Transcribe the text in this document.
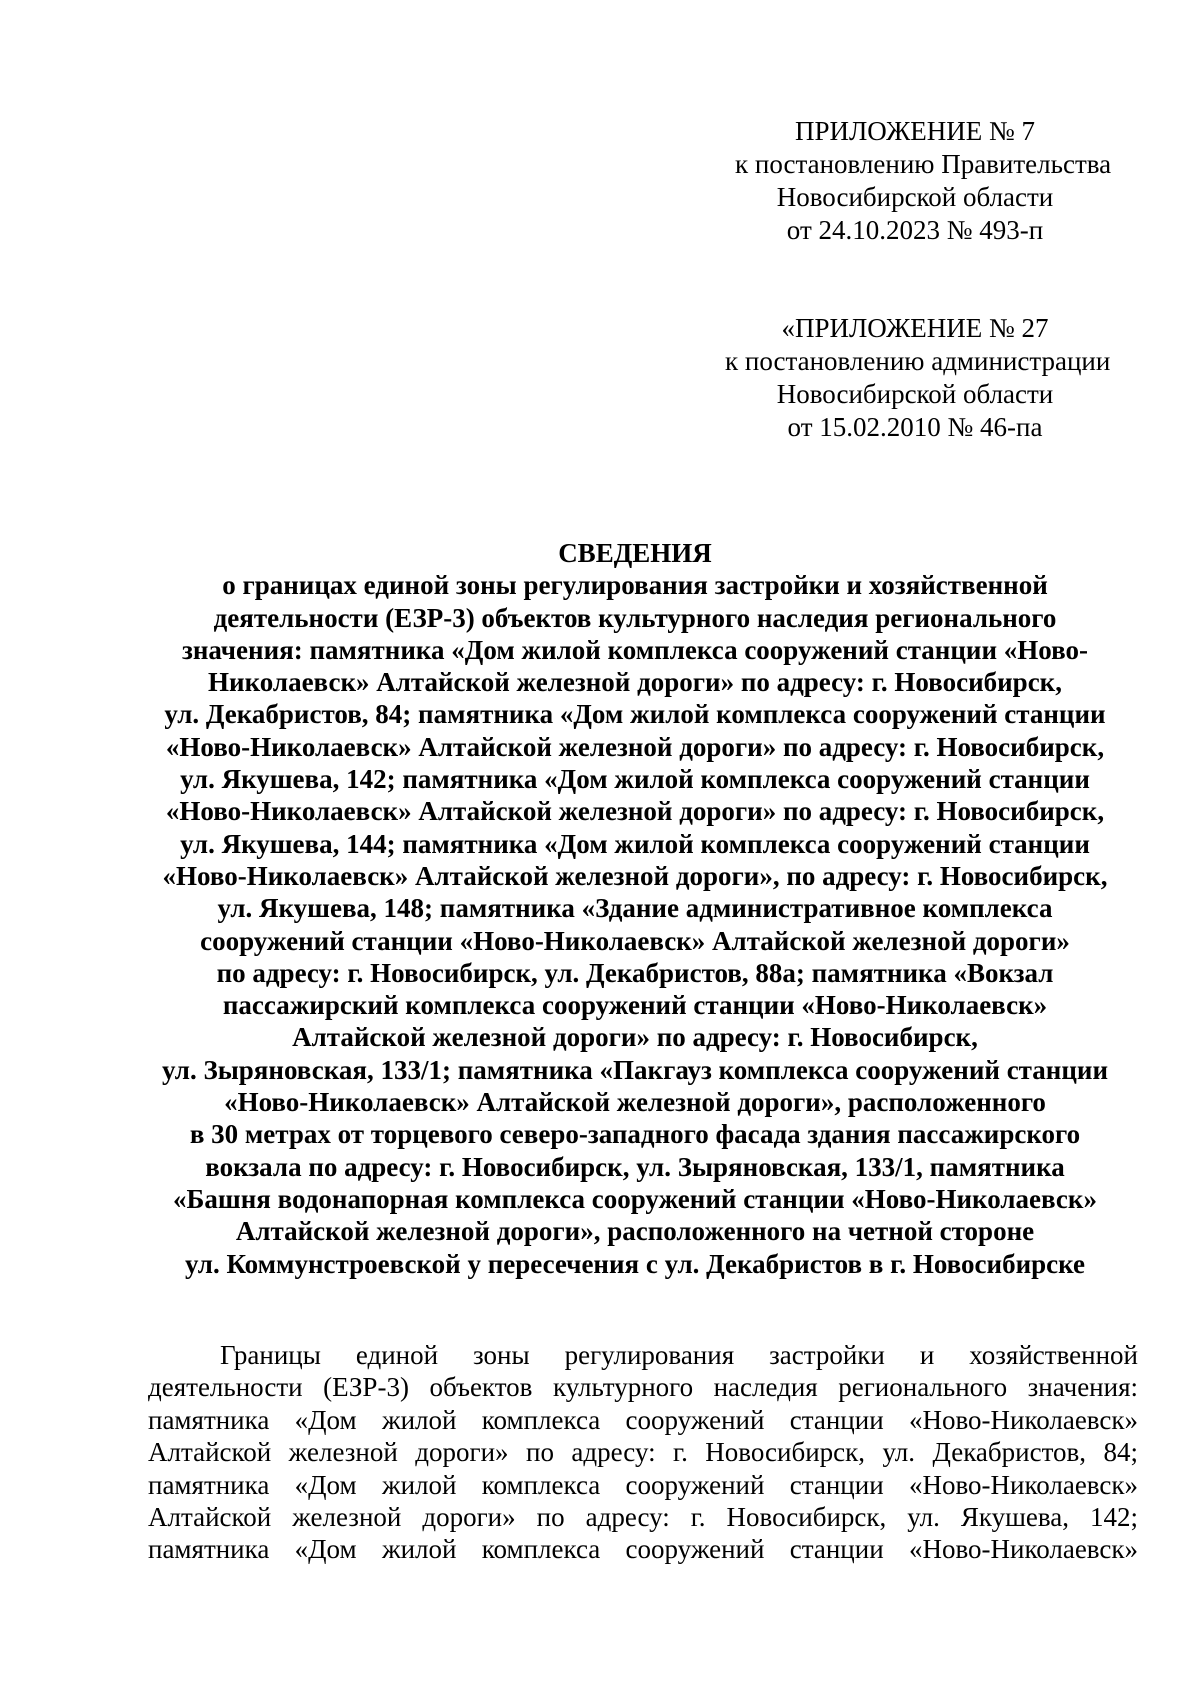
ПРИЛОЖЕНИЕ № 7
к постановлению Правительства
Новосибирской области
от 24.10.2023 № 493-п
«ПРИЛОЖЕНИЕ № 27
к постановлению администрации
Новосибирской области
от 15.02.2010 № 46-па
СВЕДЕНИЯ
о границах единой зоны регулирования застройки и хозяйственной
деятельности (ЕЗР-3) объектов культурного наследия регионального
значения: памятника «Дом жилой комплекса сооружений станции «Ново-
Николаевск» Алтайской железной дороги» по адресу: г. Новосибирск,
ул. Декабристов, 84; памятника «Дом жилой комплекса сооружений станции
«Ново-Николаевск» Алтайской железной дороги» по адресу: г. Новосибирск,
ул. Якушева, 142; памятника «Дом жилой комплекса сооружений станции
«Ново-Николаевск» Алтайской железной дороги» по адресу: г. Новосибирск,
ул. Якушева, 144; памятника «Дом жилой комплекса сооружений станции
«Ново-Николаевск» Алтайской железной дороги», по адресу: г. Новосибирск,
ул. Якушева, 148; памятника «Здание административное комплекса
сооружений станции «Ново-Николаевск» Алтайской железной дороги»
по адресу: г. Новосибирск, ул. Декабристов, 88а; памятника «Вокзал
пассажирский комплекса сооружений станции «Ново-Николаевск»
Алтайской железной дороги» по адресу: г. Новосибирск,
ул. Зыряновская, 133/1; памятника «Пакгауз комплекса сооружений станции
«Ново-Николаевск» Алтайской железной дороги», расположенного
в 30 метрах от торцевого северо-западного фасада здания пассажирского
вокзала по адресу: г. Новосибирск, ул. Зыряновская, 133/1, памятника
«Башня водонапорная комплекса сооружений станции «Ново-Николаевск»
Алтайской железной дороги», расположенного на четной стороне
ул. Коммунстроевской у пересечения с ул. Декабристов в г. Новосибирске
Границы единой зоны регулирования застройки и хозяйственной
деятельности (ЕЗР-3) объектов культурного наследия регионального значения:
памятника «Дом жилой комплекса сооружений станции «Ново-Николаевск»
Алтайской железной дороги» по адресу: г. Новосибирск, ул. Декабристов, 84;
памятника «Дом жилой комплекса сооружений станции «Ново-Николаевск»
Алтайской железной дороги» по адресу: г. Новосибирск, ул. Якушева, 142;
памятника «Дом жилой комплекса сооружений станции «Ново-Николаевск»
